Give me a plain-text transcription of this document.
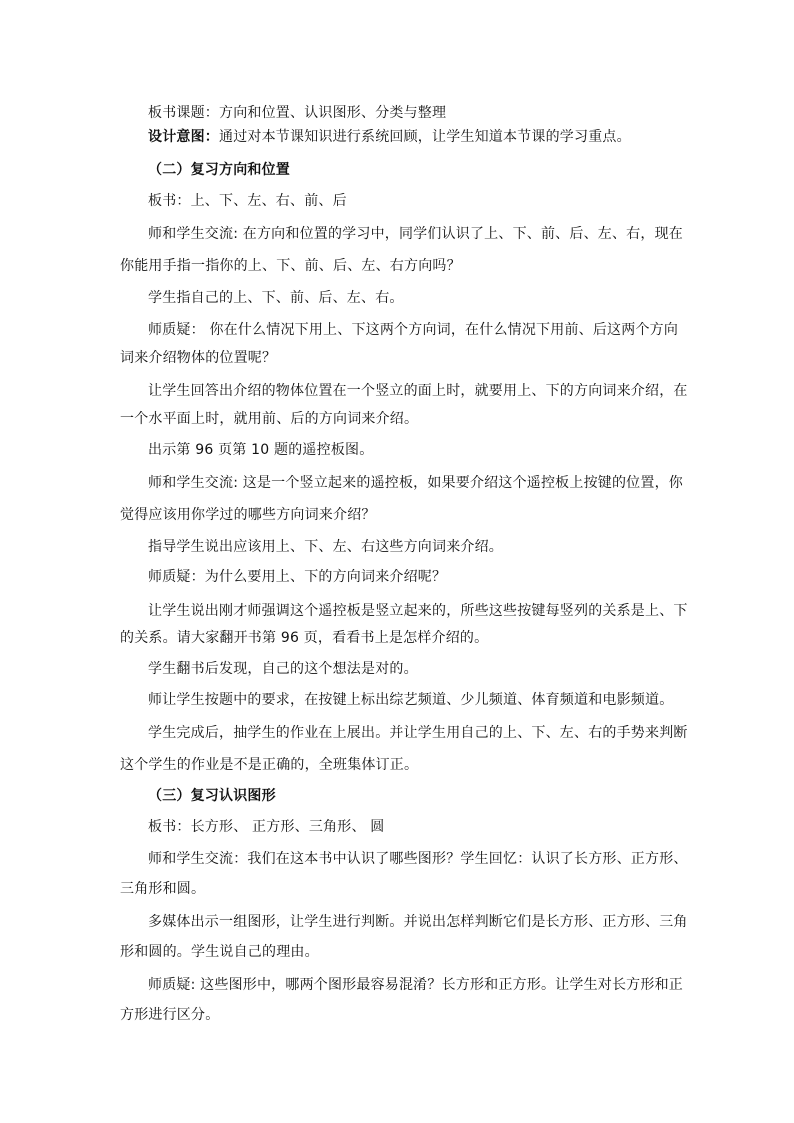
板书课题：方向和位置、认识图形、分类与整理
设计意图：通过对本节课知识进行系统回顾，让学生知道本节课的学习重点。
（二）复习方向和位置
板书：上、下、左、右、前、后
师和学生交流: 在方向和位置的学习中，同学们认识了上、下、前、后、左、右，现在
你能用手指一指你的上、下、前、后、左、右方向吗？
学生指自己的上、下、前、后、左、右。
师质疑： 你在什么情况下用上、下这两个方向词，在什么情况下用前、后这两个方向
词来介绍物体的位置呢？
让学生回答出介绍的物体位置在一个竖立的面上时，就要用上、下的方向词来介绍，在
一个水平面上时，就用前、后的方向词来介绍。
出示第 96 页第 10 题的遥控板图。
师和学生交流: 这是一个竖立起来的遥控板，如果要介绍这个遥控板上按键的位置，你
觉得应该用你学过的哪些方向词来介绍？
指导学生说出应该用上、下、左、右这些方向词来介绍。
师质疑：为什么要用上、下的方向词来介绍呢？
让学生说出刚才师强调这个遥控板是竖立起来的，所些这些按键每竖列的关系是上、下
的关系。请大家翻开书第 96 页，看看书上是怎样介绍的。
学生翻书后发现，自己的这个想法是对的。
师让学生按题中的要求，在按键上标出综艺频道、少儿频道、体育频道和电影频道。
学生完成后，抽学生的作业在上展出。并让学生用自己的上、下、左、右的手势来判断
这个学生的作业是不是正确的，全班集体订正。
（三）复习认识图形
板书：长方形、 正方形、三角形、 圆
师和学生交流：我们在这本书中认识了哪些图形？学生回忆：认识了长方形、正方形、
三角形和圆。
多媒体出示一组图形，让学生进行判断。并说出怎样判断它们是长方形、正方形、三角
形和圆的。学生说自己的理由。
师质疑: 这些图形中，哪两个图形最容易混淆？长方形和正方形。让学生对长方形和正
方形进行区分。
